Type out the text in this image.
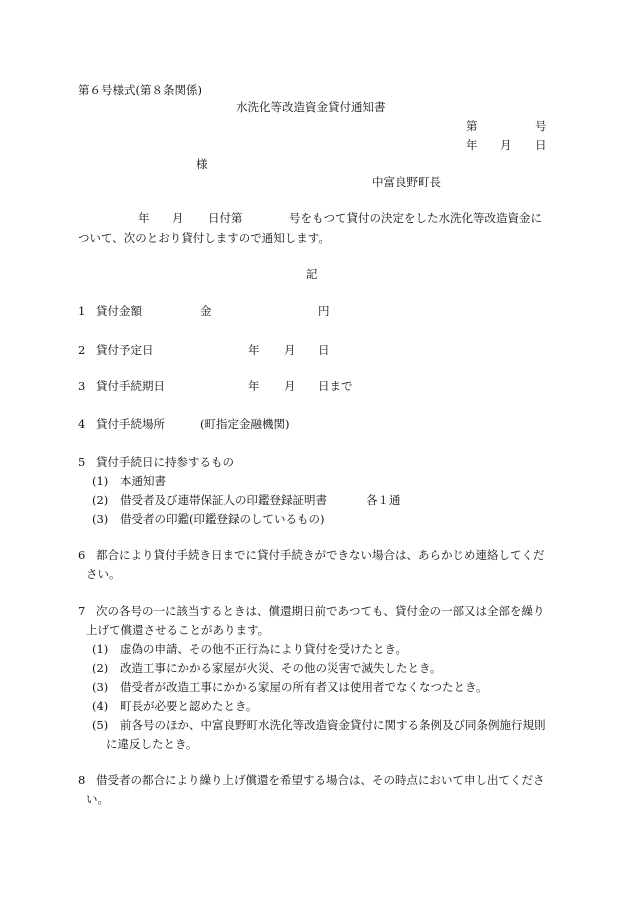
第６号様式(第８条関係)
水洗化等改造資金貸付通知書
第	号
年 月 日
様
中富良野町長
年 月 日付第	号をもつて貸付の決定をした水洗化等改造資金に
ついて、次のとおり貸付しますので通知します。
記
1 貸付金額	金	円
2 貸付予定日	年 月 日
3 貸付手続期日	年 月 日まで
4 貸付手続場所	(町指定金融機関)
5 貸付手続日に持参するもの
(1) 本通知書
(2) 借受者及び連帯保証人の印鑑登録証明書	各１通
(3) 借受者の印鑑(印鑑登録のしているもの)
6 都合により貸付手続き日までに貸付手続きができない場合は、あらかじめ連絡してくだ
さい。
7 次の各号の一に該当するときは、償還期日前であつても、貸付金の一部又は全部を繰り
上げて償還させることがあります。
(1) 虚偽の申請、その他不正行為により貸付を受けたとき。
(2) 改造工事にかかる家屋が火災、その他の災害で滅失したとき。
(3) 借受者が改造工事にかかる家屋の所有者又は使用者でなくなつたとき。
(4) 町長が必要と認めたとき。
(5) 前各号のほか、中富良野町水洗化等改造資金貸付に関する条例及び同条例施行規則
に違反したとき。
8 借受者の都合により繰り上げ償還を希望する場合は、その時点において申し出てくださ
い。
